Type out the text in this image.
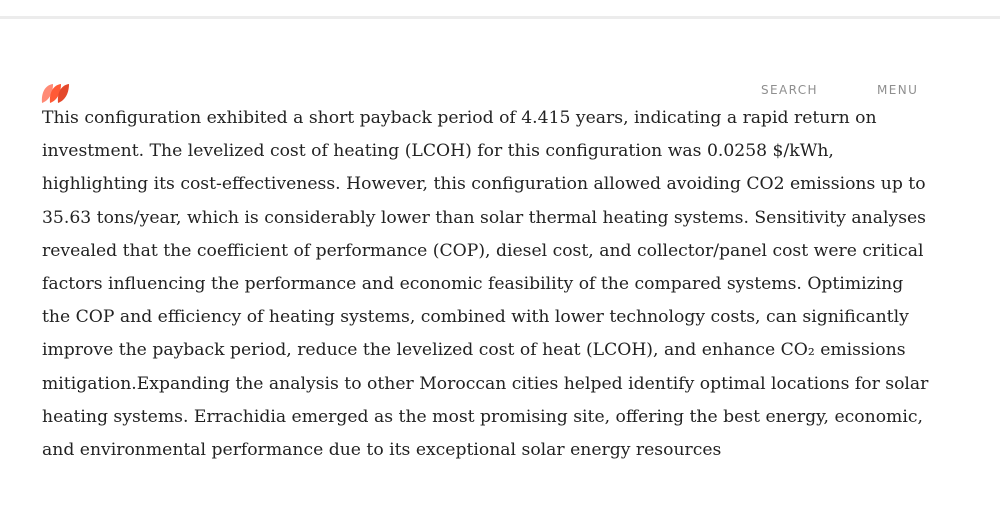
SEARCH	MENU

This configuration exhibited a short payback period of 4.415 years, indicating a rapid return on
investment. The levelized cost of heating (LCOH) for this configuration was 0.0258 $/kWh,
highlighting its cost-effectiveness. However, this configuration allowed avoiding CO2 emissions up to
35.63 tons/year, which is considerably lower than solar thermal heating systems. Sensitivity analyses
revealed that the coefficient of performance (COP), diesel cost, and collector/panel cost were critical
factors influencing the performance and economic feasibility of the compared systems. Optimizing
the COP and efficiency of heating systems, combined with lower technology costs, can significantly
improve the payback period, reduce the levelized cost of heat (LCOH), and enhance CO₂ emissions
mitigation.Expanding the analysis to other Moroccan cities helped identify optimal locations for solar
heating systems. Errachidia emerged as the most promising site, offering the best energy, economic,
and environmental performance due to its exceptional solar energy resources
